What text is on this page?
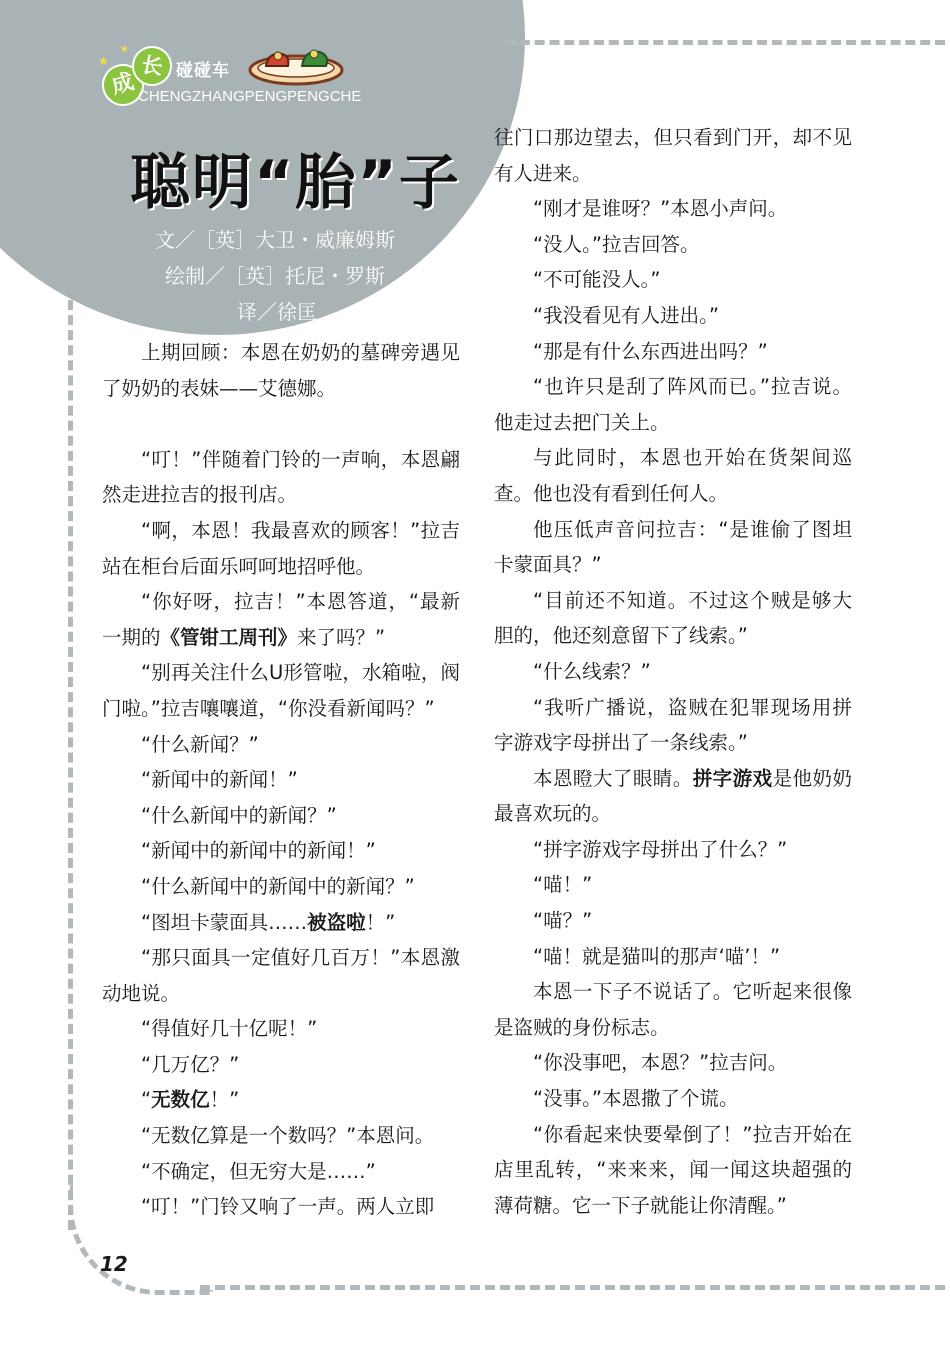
★
★
成
长 碰碰车
CHENGZHANGPENGPENGCHE
聪明“胎”子
文／［英］大卫・威廉姆斯
绘制／［英］托尼・罗斯
译／徐匡

上期回顾：本恩在奶奶的墓碑旁遇见了奶奶的表妹——艾德娜。

“叮！”伴随着门铃的一声响，本恩翩然走进拉吉的报刊店。

“啊，本恩！我最喜欢的顾客！”拉吉站在柜台后面乐呵呵地招呼他。

“你好呀，拉吉！”本恩答道，“最新一期的《管钳工周刊》来了吗？”

“别再关注什么U形管啦，水箱啦，阀门啦。”拉吉嚷嚷道，“你没看新闻吗？”

“什么新闻？”

“新闻中的新闻！”

“什么新闻中的新闻？”

“新闻中的新闻中的新闻！”

“什么新闻中的新闻中的新闻？”

“图坦卡蒙面具……被盗啦！”

“那只面具一定值好几百万！”本恩激动地说。

“得值好几十亿呢！”

“几万亿？”

“无数亿！”

“无数亿算是一个数吗？”本恩问。

“不确定，但无穷大是……”

“叮！”门铃又响了一声。两人立即

往门口那边望去，但只看到门开，却不见有人进来。

“刚才是谁呀？”本恩小声问。

“没人。”拉吉回答。

“不可能没人。”

“我没看见有人进出。”

“那是有什么东西进出吗？”

“也许只是刮了阵风而已。”拉吉说。他走过去把门关上。

与此同时，本恩也开始在货架间巡查。他也没有看到任何人。

他压低声音问拉吉：“是谁偷了图坦卡蒙面具？”

“目前还不知道。不过这个贼是够大胆的，他还刻意留下了线索。”

“什么线索？”

“我听广播说，盗贼在犯罪现场用拼字游戏字母拼出了一条线索。”

本恩瞪大了眼睛。拼字游戏是他奶奶最喜欢玩的。

“拼字游戏字母拼出了什么？”

“喵！”

“喵？”

“喵！就是猫叫的那声‘喵’！”

本恩一下子不说话了。它听起来很像是盗贼的身份标志。

“你没事吧，本恩？”拉吉问。

“没事。”本恩撒了个谎。

“你看起来快要晕倒了！”拉吉开始在店里乱转，“来来来，闻一闻这块超强的薄荷糖。它一下子就能让你清醒。”

12
